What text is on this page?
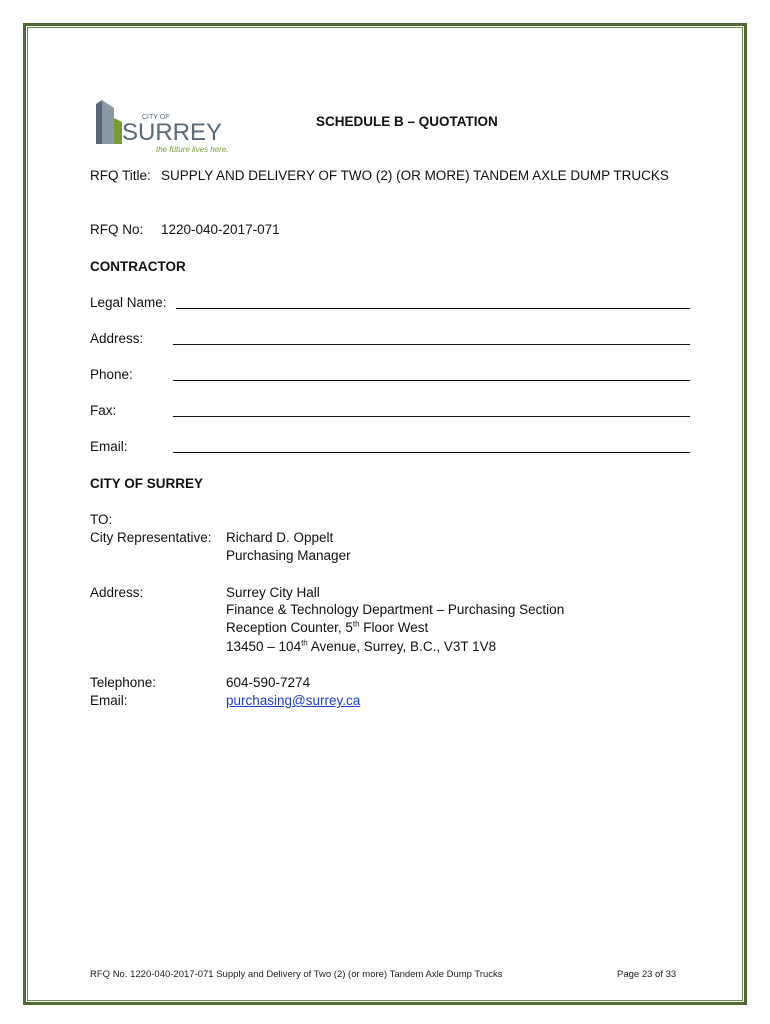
CITY OF
SURREY
the future lives here.
SCHEDULE B – QUOTATION
RFQ Title: SUPPLY AND DELIVERY OF TWO (2) (OR MORE) TANDEM AXLE DUMP TRUCKS
RFQ No: 1220-040-2017-071
CONTRACTOR
Legal Name:
Address:
Phone:
Fax:
Email:
CITY OF SURREY
TO:
City Representative: Richard D. Oppelt
Purchasing Manager
Address:	Surrey City Hall
Finance & Technology Department – Purchasing Section
Reception Counter, 5th Floor West
13450 – 104th Avenue, Surrey, B.C., V3T 1V8
Telephone:	604-590-7274
Email:	purchasing@surrey.ca
RFQ No. 1220-040-2017-071 Supply and Delivery of Two (2) (or more) Tandem Axle Dump Trucks	Page 23 of 33
